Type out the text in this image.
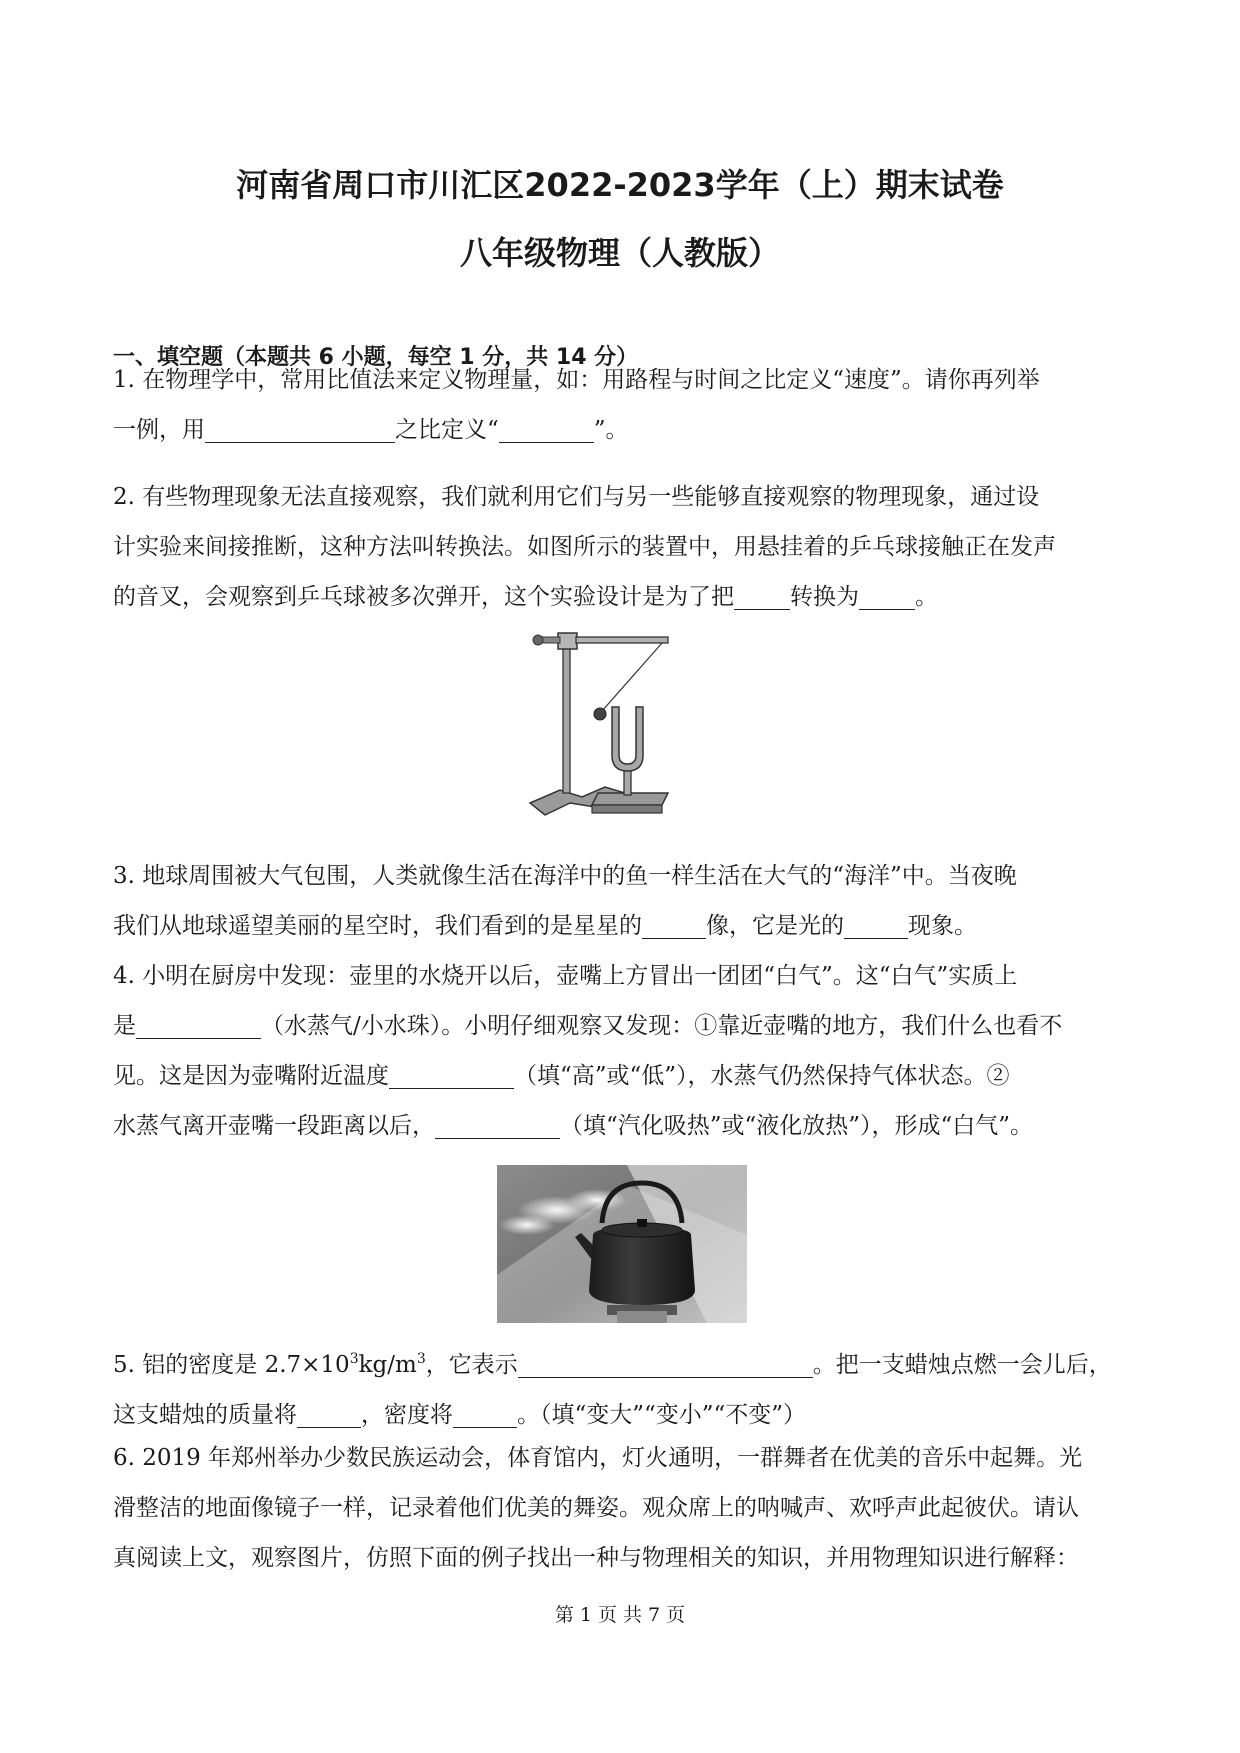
河南省周口市川汇区2022-2023学年（上）期末试卷
八年级物理（人教版）
一、填空题（本题共 6 小题，每空 1 分，共 14 分）
1. 在物理学中，常用比值法来定义物理量，如：用路程与时间之比定义“速度”。请你再列举
一例，用	之比定义“	”。
2. 有些物理现象无法直接观察，我们就利用它们与另一些能够直接观察的物理现象，通过设
计实验来间接推断，这种方法叫转换法。如图所示的装置中，用悬挂着的乒乓球接触正在发声
的音叉，会观察到乒乓球被多次弹开，这个实验设计是为了把 转换为 。
3. 地球周围被大气包围，人类就像生活在海洋中的鱼一样生活在大气的“海洋”中。当夜晚
我们从地球遥望美丽的星空时，我们看到的是星星的	像，它是光的	现象。
4. 小明在厨房中发现：壶里的水烧开以后，壶嘴上方冒出一团团“白气”。这“白气”实质上
是	（水蒸气/小水珠）。小明仔细观察又发现：①靠近壶嘴的地方，我们什么也看不
见。这是因为壶嘴附近温度	（填“高”或“低”），水蒸气仍然保持气体状态。②
水蒸气离开壶嘴一段距离以后，	（填“汽化吸热”或“液化放热”），形成“白气”。
5. 铝的密度是 $2.7\times 10^3kg/m^3$，它表示	。把一支蜡烛点燃一会儿后，
这支蜡烛的质量将	，密度将	。（填“变大”“变小”“不变”）
6. 2019 年郑州举办少数民族运动会，体育馆内，灯火通明，一群舞者在优美的音乐中起舞。光
滑整洁的地面像镜子一样，记录着他们优美的舞姿。观众席上的呐喊声、欢呼声此起彼伏。请认
真阅读上文，观察图片，仿照下面的例子找出一种与物理相关的知识，并用物理知识进行解释：
第 1 页 共 7 页
